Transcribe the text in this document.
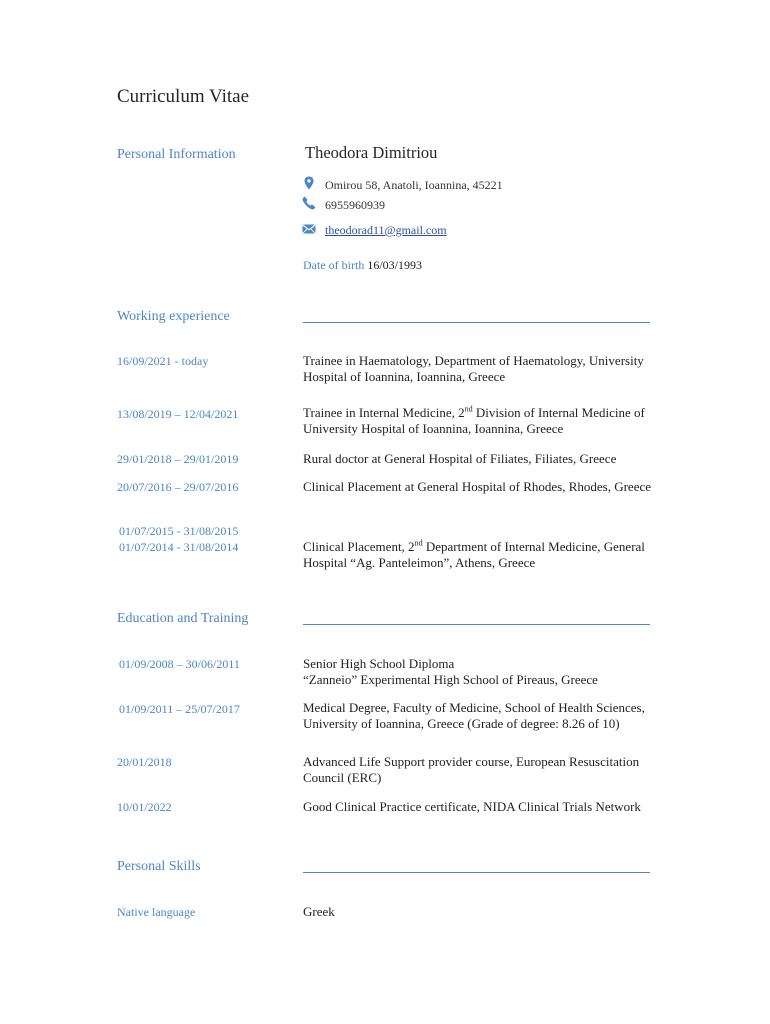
Curriculum Vitae
Personal Information	Theodora Dimitriou
Omirou 58, Anatoli, Ioannina, 45221
6955960939
theodorad11@gmail.com
Date of birth 16/03/1993
Working experience
16/09/2021 - today	Trainee in Haematology, Department of Haematology, University Hospital of Ioannina, Ioannina, Greece
13/08/2019 – 12/04/2021	Trainee in Internal Medicine, 2nd Division of Internal Medicine of University Hospital of Ioannina, Ioannina, Greece
29/01/2018 – 29/01/2019	Rural doctor at General Hospital of Filiates, Filiates, Greece
20/07/2016 – 29/07/2016	Clinical Placement at General Hospital of Rhodes, Rhodes, Greece
01/07/2015 - 31/08/2015
01/07/2014 - 31/08/2014	Clinical Placement, 2nd Department of Internal Medicine, General Hospital “Ag. Panteleimon”, Athens, Greece
Education and Training
01/09/2008 – 30/06/2011	Senior High School Diploma
“Zanneio” Experimental High School of Pireaus, Greece
01/09/2011 – 25/07/2017	Medical Degree, Faculty of Medicine, School of Health Sciences, University of Ioannina, Greece (Grade of degree: 8.26 of 10)
20/01/2018	Advanced Life Support provider course, European Resuscitation Council (ERC)
10/01/2022	Good Clinical Practice certificate, NIDA Clinical Trials Network
Personal Skills
Native language	Greek
